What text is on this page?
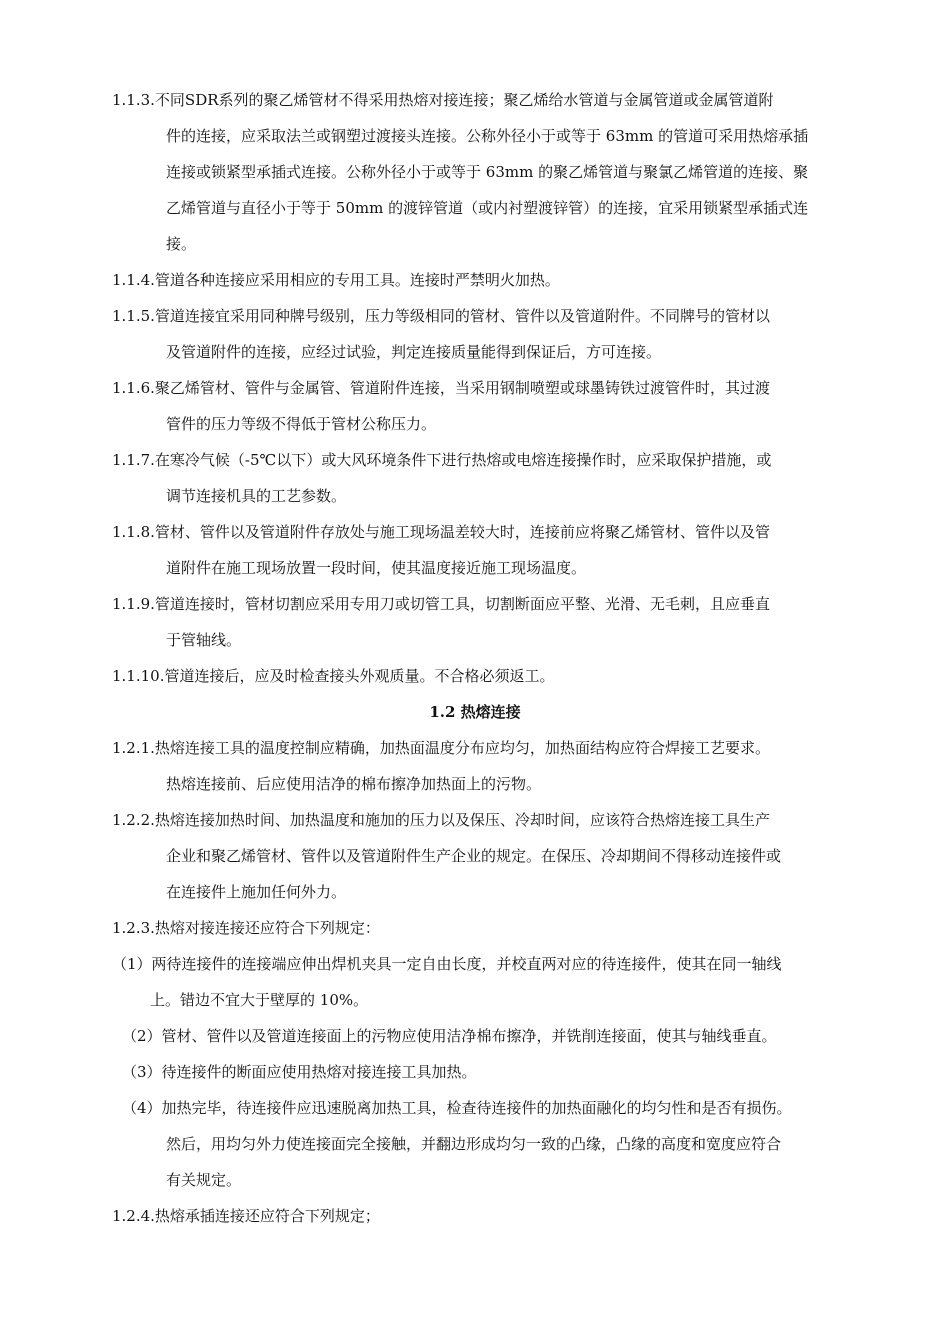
1.1.3.不同SDR系列的聚乙烯管材不得采用热熔对接连接；聚乙烯给水管道与金属管道或金属管道附
件的连接，应采取法兰或钢塑过渡接头连接。公称外径小于或等于 63mm 的管道可采用热熔承插
连接或锁紧型承插式连接。公称外径小于或等于 63mm 的聚乙烯管道与聚氯乙烯管道的连接、聚
乙烯管道与直径小于等于 50mm 的渡锌管道（或内衬塑渡锌管）的连接，宜采用锁紧型承插式连
接。
1.1.4.管道各种连接应采用相应的专用工具。连接时严禁明火加热。
1.1.5.管道连接宜采用同种牌号级别，压力等级相同的管材、管件以及管道附件。不同牌号的管材以
及管道附件的连接，应经过试验，判定连接质量能得到保证后，方可连接。
1.1.6.聚乙烯管材、管件与金属管、管道附件连接，当采用钢制喷塑或球墨铸铁过渡管件时，其过渡
管件的压力等级不得低于管材公称压力。
1.1.7.在寒冷气候（-5℃以下）或大风环境条件下进行热熔或电熔连接操作时，应采取保护措施，或
调节连接机具的工艺参数。
1.1.8.管材、管件以及管道附件存放处与施工现场温差较大时，连接前应将聚乙烯管材、管件以及管
道附件在施工现场放置一段时间，使其温度接近施工现场温度。
1.1.9.管道连接时，管材切割应采用专用刀或切管工具，切割断面应平整、光滑、无毛刺，且应垂直
于管轴线。
1.1.10.管道连接后，应及时检查接头外观质量。不合格必须返工。
1.2 热熔连接
1.2.1.热熔连接工具的温度控制应精确，加热面温度分布应均匀，加热面结构应符合焊接工艺要求。
热熔连接前、后应使用洁净的棉布擦净加热面上的污物。
1.2.2.热熔连接加热时间、加热温度和施加的压力以及保压、冷却时间，应该符合热熔连接工具生产
企业和聚乙烯管材、管件以及管道附件生产企业的规定。在保压、冷却期间不得移动连接件或
在连接件上施加任何外力。
1.2.3.热熔对接连接还应符合下列规定：
（1）两待连接件的连接端应伸出焊机夹具一定自由长度，并校直两对应的待连接件，使其在同一轴线
上。错边不宜大于壁厚的 10%。
（2）管材、管件以及管道连接面上的污物应使用洁净棉布擦净，并铣削连接面，使其与轴线垂直。
（3）待连接件的断面应使用热熔对接连接工具加热。
（4）加热完毕，待连接件应迅速脱离加热工具，检查待连接件的加热面融化的均匀性和是否有损伤。
然后，用均匀外力使连接面完全接触，并翻边形成均匀一致的凸缘，凸缘的高度和宽度应符合
有关规定。
1.2.4.热熔承插连接还应符合下列规定；
